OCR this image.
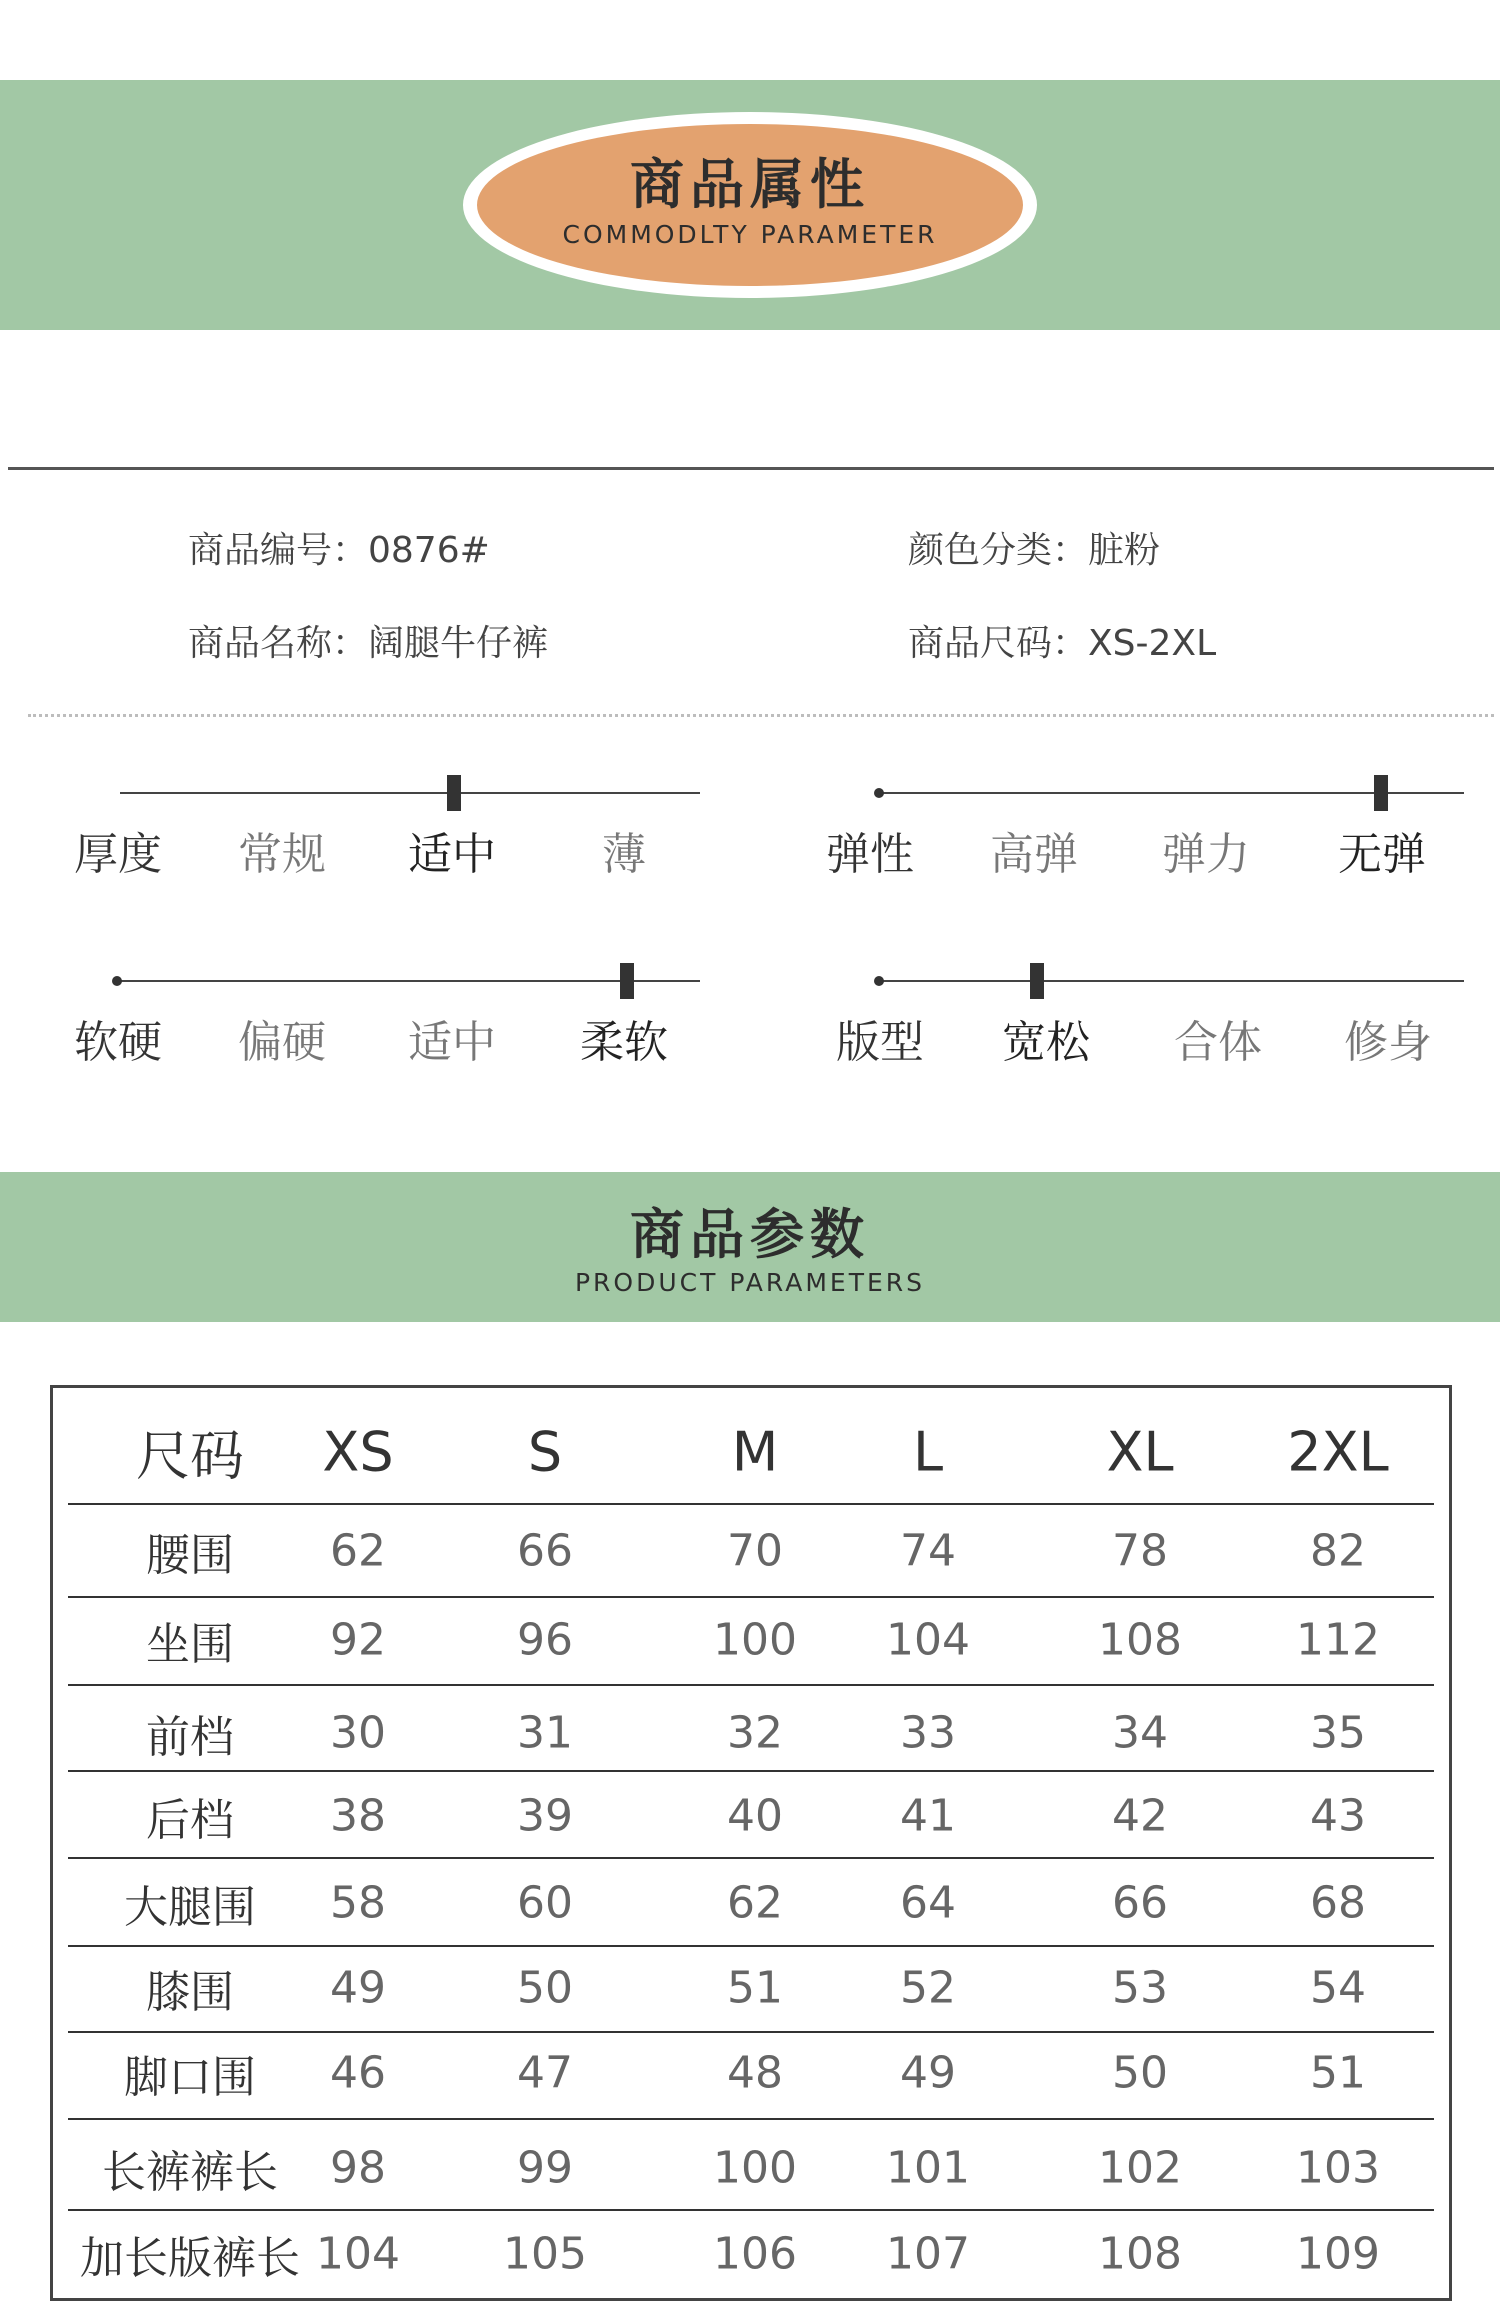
商品属性
COMMODLTY PARAMETER
商品编号：0876#	颜色分类：脏粉
商品名称：阔腿牛仔裤	商品尺码：XS-2XL
厚度 常规 适中 薄	弹性 高弹 弹力 无弹
软硬 偏硬 适中 柔软	版型 宽松 合体 修身
商品参数
PRODUCT PARAMETERS
尺码 XS S	M L	XL 2XL
腰围 62	66	70	74	78	82
坐围 92	96	100 104	108	112
前档 30	31	32	33	34	35
后档 38	39	40	41	42	43
大腿围 58	60	62	64	66	68
膝围 49	50	51	52	53	54
脚口围 46	47	48	49	50	51
长裤裤长 98	99	100 101	102	103
加长版裤长 104 105	106 107	108	109
